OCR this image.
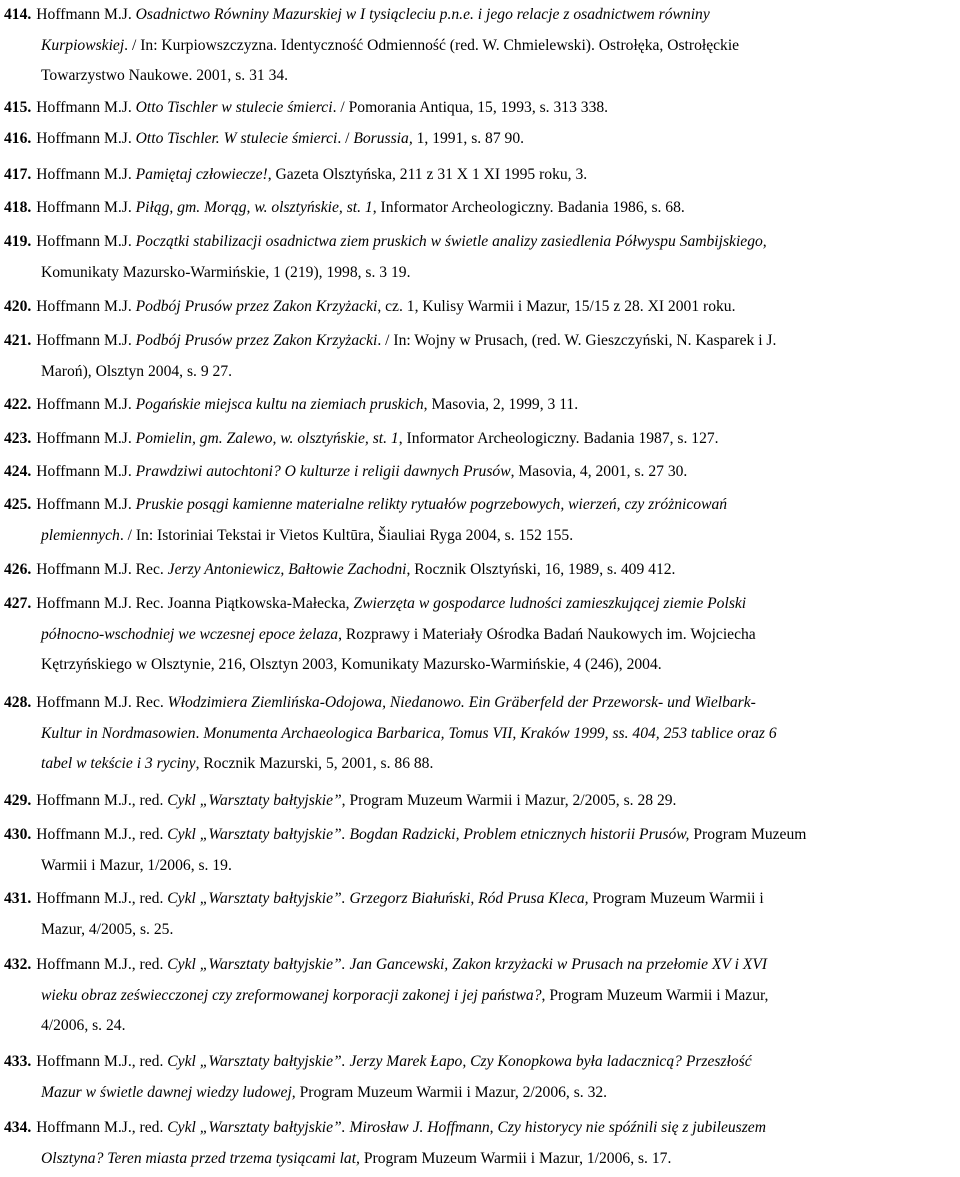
414. Hoffmann M.J. Osadnictwo Równiny Mazurskiej w I tysiącleciu p.n.e. i jego relacje z osadnictwem równiny
Kurpiowskiej. / In: Kurpiowszczyzna. Identyczność Odmienność (red. W. Chmielewski). Ostrołęka, Ostrołęckie
Towarzystwo Naukowe. 2001, s. 31 34.
415. Hoffmann M.J. Otto Tischler w stulecie śmierci. / Pomorania Antiqua, 15, 1993, s. 313 338.
416. Hoffmann M.J. Otto Tischler. W stulecie śmierci. / Borussia, 1, 1991, s. 87 90.
417. Hoffmann M.J. Pamiętaj człowiecze!, Gazeta Olsztyńska, 211 z 31 X 1 XI 1995 roku, 3.
418. Hoffmann M.J. Piłąg, gm. Morąg, w. olsztyńskie, st. 1, Informator Archeologiczny. Badania 1986, s. 68.
419. Hoffmann M.J. Początki stabilizacji osadnictwa ziem pruskich w świetle analizy zasiedlenia Półwyspu Sambijskiego,
Komunikaty Mazursko-Warmińskie, 1 (219), 1998, s. 3 19.
420. Hoffmann M.J. Podbój Prusów przez Zakon Krzyżacki, cz. 1, Kulisy Warmii i Mazur, 15/15 z 28. XI 2001 roku.
421. Hoffmann M.J. Podbój Prusów przez Zakon Krzyżacki. / In: Wojny w Prusach, (red. W. Gieszczyński, N. Kasparek i J.
Maroń), Olsztyn 2004, s. 9 27.
422. Hoffmann M.J. Pogańskie miejsca kultu na ziemiach pruskich, Masovia, 2, 1999, 3 11.
423. Hoffmann M.J. Pomielin, gm. Zalewo, w. olsztyńskie, st. 1, Informator Archeologiczny. Badania 1987, s. 127.
424. Hoffmann M.J. Prawdziwi autochtoni? O kulturze i religii dawnych Prusów, Masovia, 4, 2001, s. 27 30.
425. Hoffmann M.J. Pruskie posągi kamienne materialne relikty rytuałów pogrzebowych, wierzeń, czy zróżnicowań
plemiennych. / In: Istoriniai Tekstai ir Vietos Kultūra, Šiauliai Ryga 2004, s. 152 155.
426. Hoffmann M.J. Rec. Jerzy Antoniewicz, Bałtowie Zachodni, Rocznik Olsztyński, 16, 1989, s. 409 412.
427. Hoffmann M.J. Rec. Joanna Piątkowska-Małecka, Zwierzęta w gospodarce ludności zamieszkującej ziemie Polski
północno-wschodniej we wczesnej epoce żelaza, Rozprawy i Materiały Ośrodka Badań Naukowych im. Wojciecha
Kętrzyńskiego w Olsztynie, 216, Olsztyn 2003, Komunikaty Mazursko-Warmińskie, 4 (246), 2004.
428. Hoffmann M.J. Rec. Włodzimiera Ziemlińska-Odojowa, Niedanowo. Ein Gräberfeld der Przeworsk- und Wielbark-
Kultur in Nordmasowien. Monumenta Archaeologica Barbarica, Tomus VII, Kraków 1999, ss. 404, 253 tablice oraz 6
tabel w tekście i 3 ryciny, Rocznik Mazurski, 5, 2001, s. 86 88.
429. Hoffmann M.J., red. Cykl „Warsztaty bałtyjskie”, Program Muzeum Warmii i Mazur, 2/2005, s. 28 29.
430. Hoffmann M.J., red. Cykl „Warsztaty bałtyjskie”. Bogdan Radzicki, Problem etnicznych historii Prusów, Program Muzeum
Warmii i Mazur, 1/2006, s. 19.
431. Hoffmann M.J., red. Cykl „Warsztaty bałtyjskie”. Grzegorz Białuński, Ród Prusa Kleca, Program Muzeum Warmii i
Mazur, 4/2005, s. 25.
432. Hoffmann M.J., red. Cykl „Warsztaty bałtyjskie”. Jan Gancewski, Zakon krzyżacki w Prusach na przełomie XV i XVI
wieku obraz zeświecczonej czy zreformowanej korporacji zakonej i jej państwa?, Program Muzeum Warmii i Mazur,
4/2006, s. 24.
433. Hoffmann M.J., red. Cykl „Warsztaty bałtyjskie”. Jerzy Marek Łapo, Czy Konopkowa była ladacznicą? Przeszłość
Mazur w świetle dawnej wiedzy ludowej, Program Muzeum Warmii i Mazur, 2/2006, s. 32.
434. Hoffmann M.J., red. Cykl „Warsztaty bałtyjskie”. Mirosław J. Hoffmann, Czy historycy nie spóźnili się z jubileuszem
Olsztyna? Teren miasta przed trzema tysiącami lat, Program Muzeum Warmii i Mazur, 1/2006, s. 17.
